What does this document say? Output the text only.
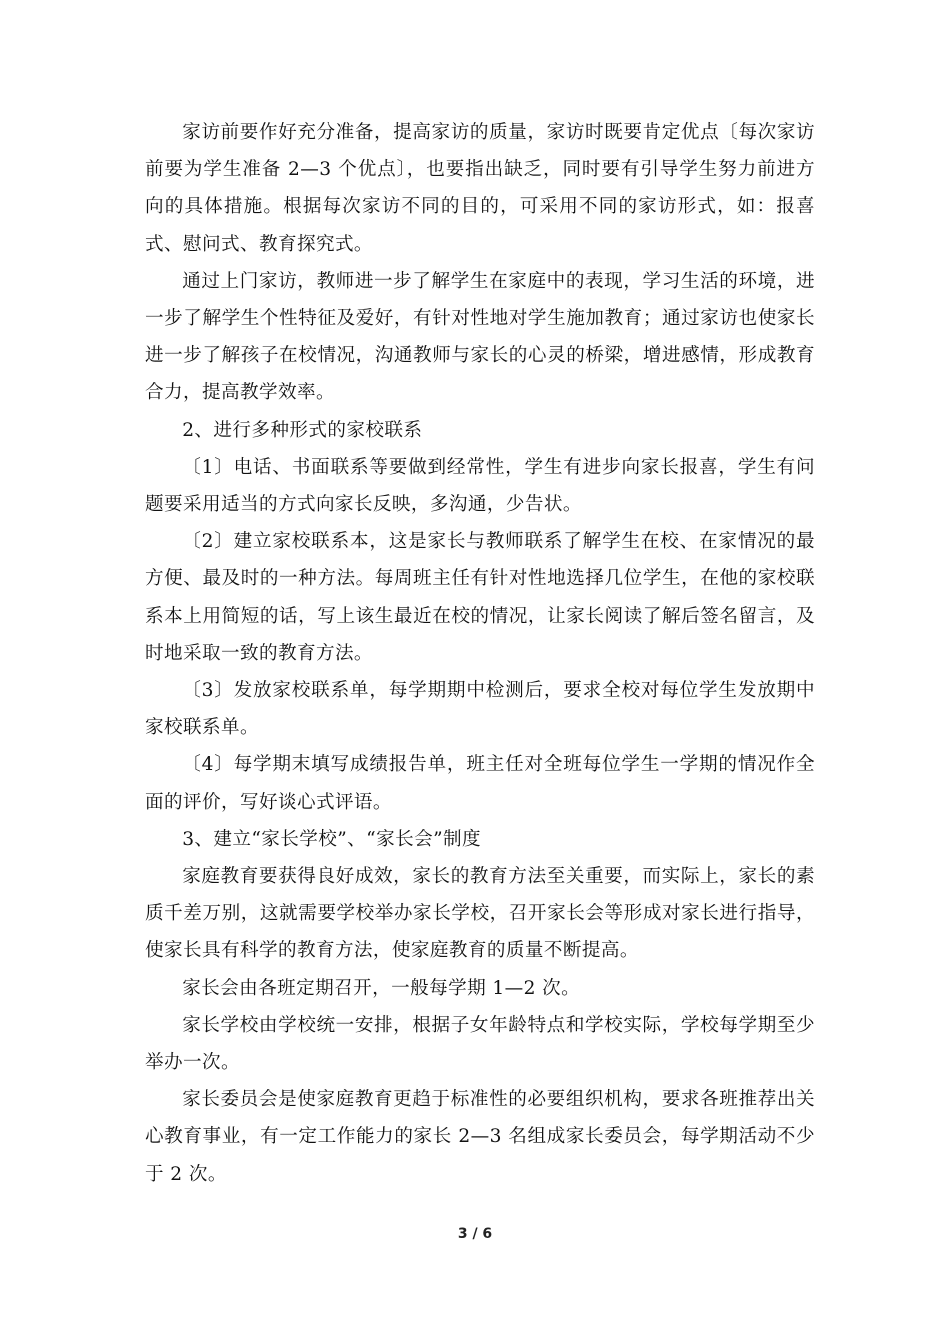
家访前要作好充分准备，提高家访的质量，家访时既要肯定优点〔每次家访前要为学生准备 2—3 个优点〕，也要指出缺乏，同时要有引导学生努力前进方向的具体措施。根据每次家访不同的目的，可采用不同的家访形式，如：报喜式、慰问式、教育探究式。

通过上门家访，教师进一步了解学生在家庭中的表现，学习生活的环境，进一步了解学生个性特征及爱好，有针对性地对学生施加教育；通过家访也使家长进一步了解孩子在校情况，沟通教师与家长的心灵的桥梁，增进感情，形成教育合力，提高教学效率。

2、进行多种形式的家校联系

〔1〕电话、书面联系等要做到经常性，学生有进步向家长报喜，学生有问题要采用适当的方式向家长反映，多沟通，少告状。

〔2〕建立家校联系本，这是家长与教师联系了解学生在校、在家情况的最方便、最及时的一种方法。每周班主任有针对性地选择几位学生，在他的家校联系本上用简短的话，写上该生最近在校的情况，让家长阅读了解后签名留言，及时地采取一致的教育方法。

〔3〕发放家校联系单，每学期期中检测后，要求全校对每位学生发放期中家校联系单。

〔4〕每学期末填写成绩报告单，班主任对全班每位学生一学期的情况作全面的评价，写好谈心式评语。

3、建立“家长学校”、“家长会”制度

家庭教育要获得良好成效，家长的教育方法至关重要，而实际上，家长的素质千差万别，这就需要学校举办家长学校，召开家长会等形成对家长进行指导，使家长具有科学的教育方法，使家庭教育的质量不断提高。

家长会由各班定期召开，一般每学期 1—2 次。

家长学校由学校统一安排，根据子女年龄特点和学校实际，学校每学期至少举办一次。

家长委员会是使家庭教育更趋于标准性的必要组织机构，要求各班推荐出关心教育事业，有一定工作能力的家长 2—3 名组成家长委员会，每学期活动不少于 2 次。

3 / 6
